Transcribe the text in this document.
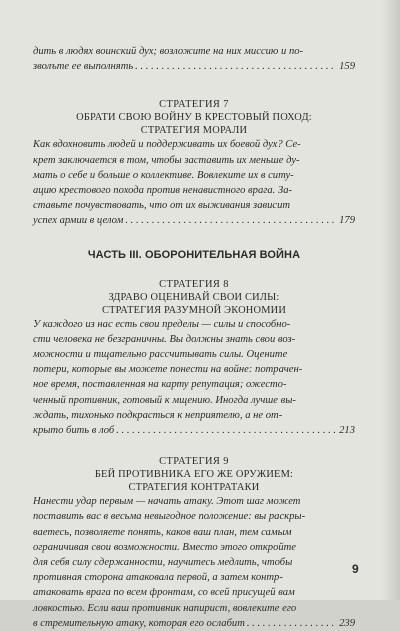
дить в людях воинский дух; возложите на них миссию и по-
зволъте ее выполнять . . .	159

СТРАТЕГИЯ 7

ОБРАТИ СВОЮ ВОЙНУ В КРЕСТОВЫЙ ПОХОД:

СТРАТЕГИЯ МОРАЛИ

Как вдохновить людей и поддерживать их боевой дух? Се-
крет заключается в том, чтобы заставить их меньше ду-
мать о себе и больше о коллективе. Вовлеките их в ситу-
ацию крестового похода против ненавистного врага. За-
ставьте почувствовать, что от их выживания зависит
успех армии в целом . . .	179

ЧАСТЬ III. ОБОРОНИТЕЛЬНАЯ ВОЙНА

СТРАТЕГИЯ 8

ЗДРАВО ОЦЕНИВАЙ СВОИ СИЛЫ:

СТРАТЕГИЯ РАЗУМНОЙ ЭКОНОМИИ

У каждого из нас есть свои пределы — силы и способно-
сти человека не безграничны. Вы должны знать свои воз-
можности и тщательно рассчитывать силы. Оцените
потери, которые вы можете понести на войне: потрачен-
ное время, поставленная на карту репутация; ожесто-
ченный противник, готовый к мщению. Иногда лучше вы-
ждать, тихонько подкрасться к неприятелю, а не от-
крыто бить в лоб . . .	213

СТРАТЕГИЯ 9

БЕЙ ПРОТИВНИКА ЕГО ЖЕ ОРУЖИЕМ:

СТРАТЕГИЯ КОНТРАТАКИ

Нанести удар первым — начать атаку. Этот шаг может
поставить вас в весьма невыгодное положение: вы раскры-
ваетесь, позволяете понять, каков ваш план, тем самым
ограничивая свои возможности. Вместо этого откройте
для себя силу сдержанности, научитесь медлить, чтобы
противная сторона атаковала первой, а затем контр-
атаковать врага по всем фронтам, со всей присущей вам
ловкостью. Если ваш противник напирист, вовлеките его
в стремительную атаку, которая его ослабит . . .	239
9
